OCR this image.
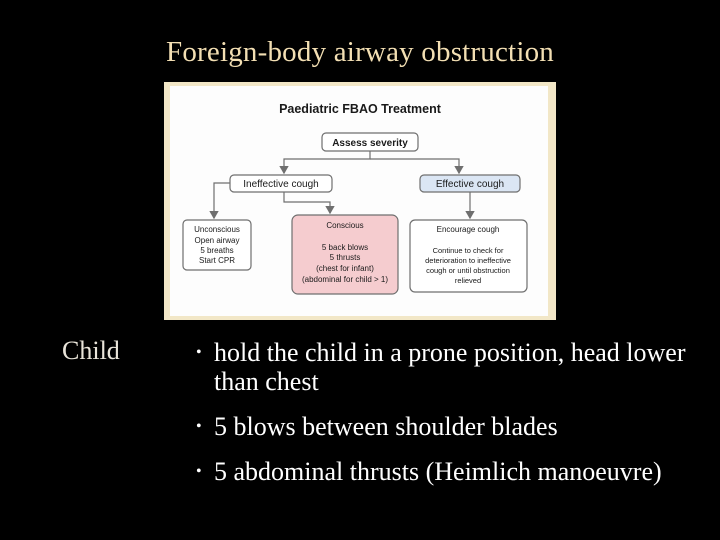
Foreign-body airway obstruction
Paediatric FBAO Treatment
Assess severity
Ineffective cough	Effective cough
Unconscious
Open airway
5 breaths
Start CPR
Conscious
5 back blows
5 thrusts
(chest for infant)
(abdominal for child > 1)
Encourage cough
Continue to check for
deterioration to ineffective
cough or until obstruction
relieved
Child	• hold the child in a prone position, head lower than chest
• 5 blows between shoulder blades
• 5 abdominal thrusts (Heimlich manoeuvre)
